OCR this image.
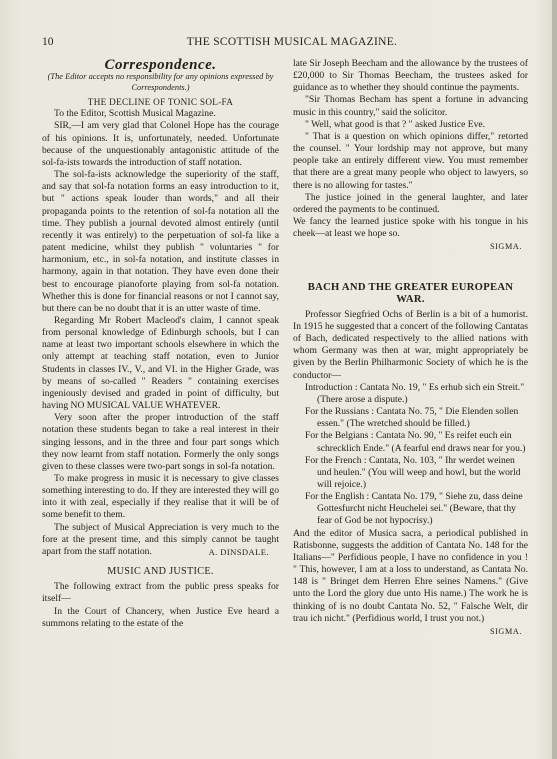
10	THE SCOTTISH MUSICAL MAGAZINE.

Correspondence.

(The Editor accepts no responsibility for any opinions expressed by Correspondents.)

THE DECLINE OF TONIC SOL-FA

To the Editor, Scottish Musical Magazine.

SIR,—I am very glad that Colonel Hope has the courage of his opinions. It is, unfortunately, needed. Unfortunate because of the unquestionably antagonistic attitude of the sol-fa-ists towards the introduction of staff notation.

The sol-fa-ists acknowledge the superiority of the staff, and say that sol-fa notation forms an easy introduction to it, but " actions speak louder than words," and all their propaganda points to the retention of sol-fa notation all the time. They publish a journal devoted almost entirely (until recently it was entirely) to the perpetuation of sol-fa like a patent medicine, whilst they publish " voluntaries " for harmonium, etc., in sol-fa notation, and institute classes in harmony, again in that notation. They have even done their best to encourage pianoforte playing from sol-fa notation. Whether this is done for financial reasons or not I cannot say, but there can be no doubt that it is an utter waste of time.

Regarding Mr Robert Macleod's claim, I cannot speak from personal knowledge of Edinburgh schools, but I can name at least two important schools elsewhere in which the only attempt at teaching staff notation, even to Junior Students in classes IV., V., and VI. in the Higher Grade, was by means of so-called " Readers " containing exercises ingeniously devised and graded in point of difficulty, but having NO MUSICAL VALUE WHATEVER.

Very soon after the proper introduction of the staff notation these students began to take a real interest in their singing lessons, and in the three and four part songs which they now learnt from staff notation. Formerly the only songs given to these classes were two-part songs in sol-fa notation.

To make progress in music it is necessary to give classes something interesting to do. If they are interested they will go into it with zeal, especially if they realise that it will be of some benefit to them.

The subject of Musical Appreciation is very much to the fore at the present time, and this simply cannot be taught apart from the staff notation.	A. DINSDALE.

MUSIC AND JUSTICE.

The following extract from the public press speaks for itself—

In the Court of Chancery, when Justice Eve heard a summons relating to the estate of the

late Sir Joseph Beecham and the allowance by the trustees of £20,000 to Sir Thomas Beecham, the trustees asked for guidance as to whether they should continue the payments.

"Sir Thomas Becham has spent a fortune in advancing music in this country," said the solicitor.

" Well, what good is that ? " asked Justice Eve.

" That is a question on which opinions differ," retorted the counsel. " Your lordship may not approve, but many people take an entirely different view. You must remember that there are a great many people who object to lawyers, so there is no allowing for tastes."

The justice joined in the general laughter, and later ordered the payments to be continued.

We fancy the learned justice spoke with his tongue in his cheek—at least we hope so.

SIGMA.

BACH AND THE GREATER EUROPEAN WAR.

Professor Siegfried Ochs of Berlin is a bit of a humorist. In 1915 he suggested that a concert of the following Cantatas of Bach, dedicated respectively to the allied nations with whom Germany was then at war, might appropriately be given by the Berlin Philharmonic Society of which he is the conductor—

Introduction : Cantata No. 19, " Es erhub sich ein Streit." (There arose a dispute.)

For the Russians : Cantata No. 75, " Die Elenden sollen essen." (The wretched should be filled.)

For the Belgians : Cantata No. 90, " Es reifet euch ein schrecklich Ende." (A fearful end draws near for you.)

For the French : Cantata, No. 103, " Ihr werdet weinen und heulen." (You will weep and howl, but the world will rejoice.)

For the English : Cantata No. 179, " Siehe zu, dass deine Gottesfurcht nicht Heuchelei sei." (Beware, that thy fear of God be not hypocrisy.)

And the editor of Musica sacra, a periodical published in Ratisbonne, suggests the addition of Cantata No. 148 for the Italians—" Perfidious people, I have no confidence in you ! " This, however, I am at a loss to understand, as Cantata No. 148 is " Bringet dem Herren Ehre seines Namens." (Give unto the Lord the glory due unto His name.) The work he is thinking of is no doubt Cantata No. 52, " Falsche Welt, dir trau ich nicht." (Perfidious world, I trust you not.)

SIGMA.
